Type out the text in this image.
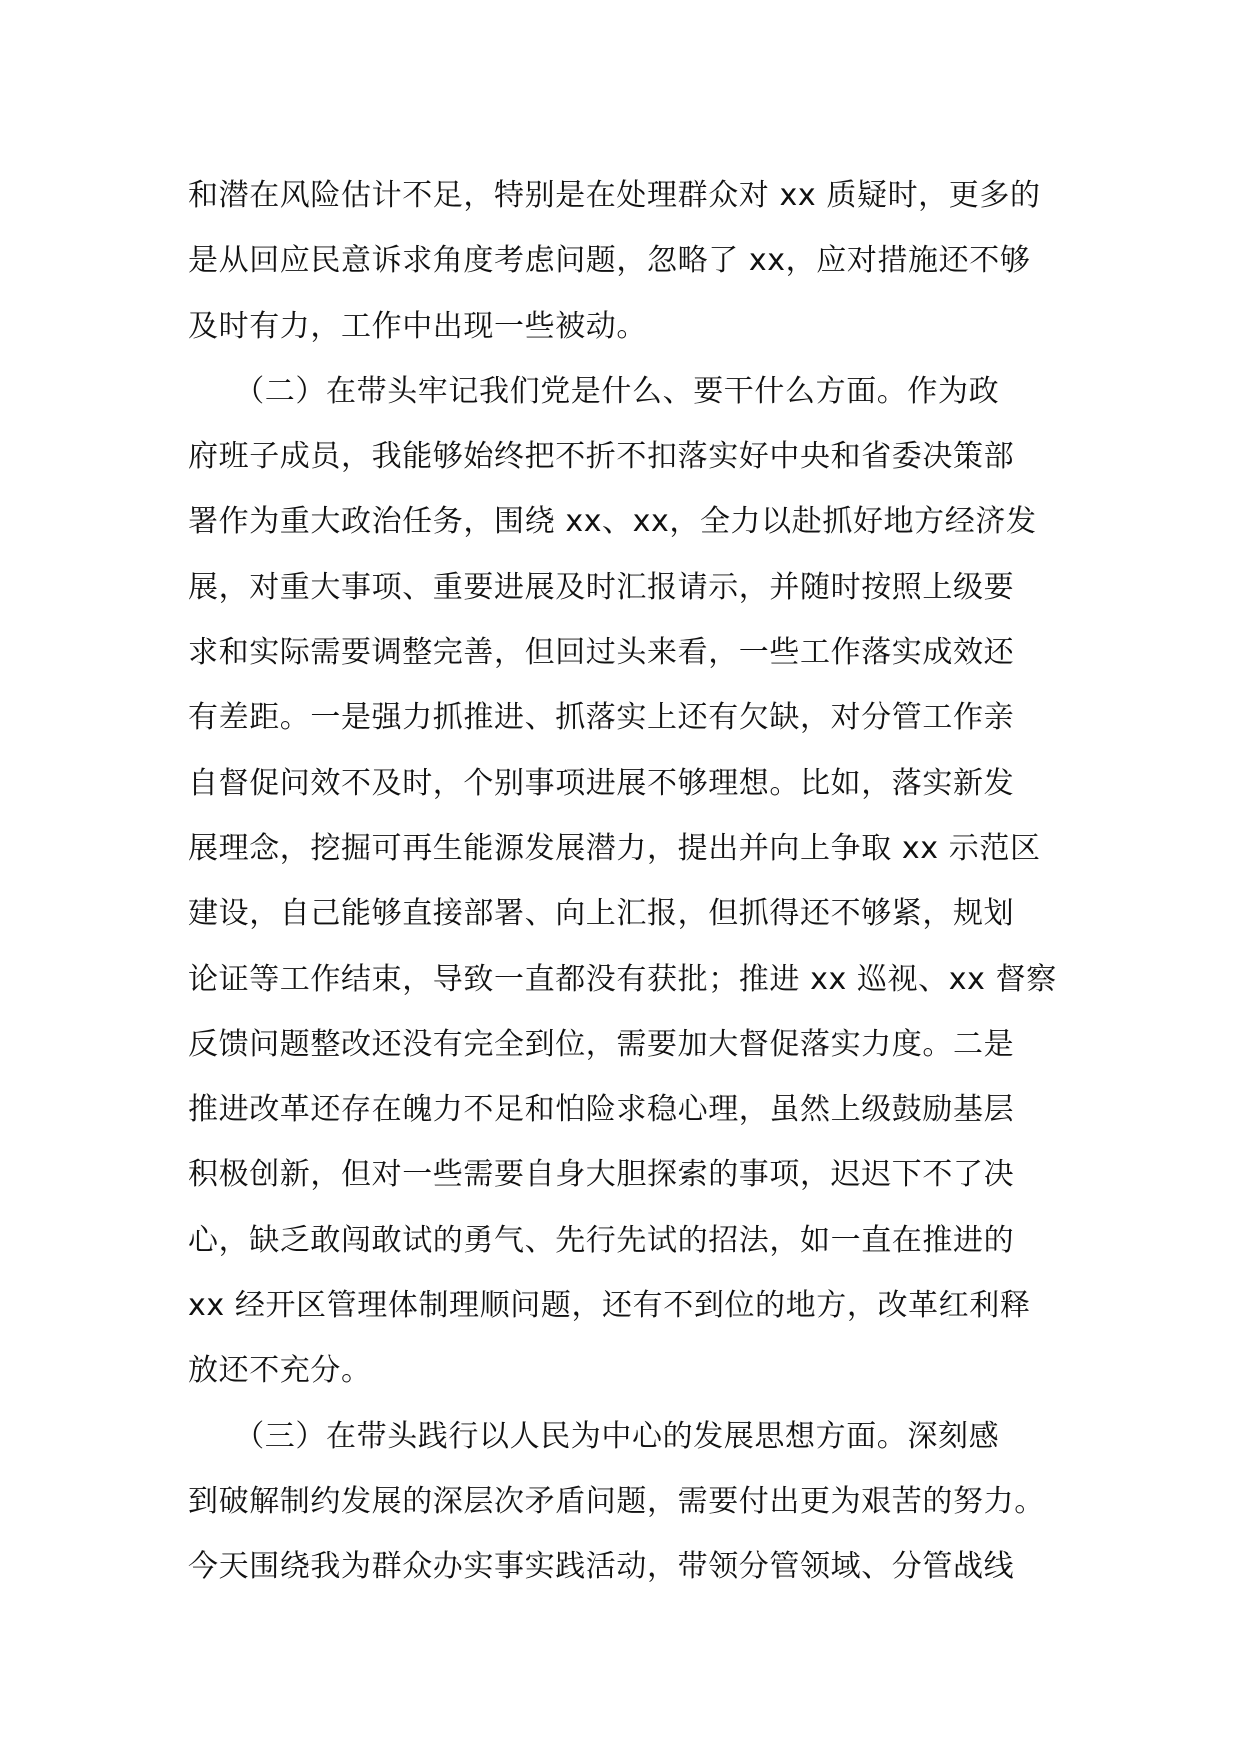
和潜在风险估计不足，特别是在处理群众对 xx 质疑时，更多的
是从回应民意诉求角度考虑问题，忽略了 xx，应对措施还不够
及时有力，工作中出现一些被动。
　　（二）在带头牢记我们党是什么、要干什么方面。作为政
府班子成员，我能够始终把不折不扣落实好中央和省委决策部
署作为重大政治任务，围绕 xx、xx，全力以赴抓好地方经济发
展，对重大事项、重要进展及时汇报请示，并随时按照上级要
求和实际需要调整完善，但回过头来看，一些工作落实成效还
有差距。一是强力抓推进、抓落实上还有欠缺，对分管工作亲
自督促问效不及时，个别事项进展不够理想。比如，落实新发
展理念，挖掘可再生能源发展潜力，提出并向上争取 xx 示范区
建设，自己能够直接部署、向上汇报，但抓得还不够紧，规划
论证等工作结束，导致一直都没有获批；推进 xx 巡视、xx 督察
反馈问题整改还没有完全到位，需要加大督促落实力度。二是
推进改革还存在魄力不足和怕险求稳心理，虽然上级鼓励基层
积极创新，但对一些需要自身大胆探索的事项，迟迟下不了决
心，缺乏敢闯敢试的勇气、先行先试的招法，如一直在推进的
xx 经开区管理体制理顺问题，还有不到位的地方，改革红利释
放还不充分。
　　（三）在带头践行以人民为中心的发展思想方面。深刻感
到破解制约发展的深层次矛盾问题，需要付出更为艰苦的努力。
今天围绕我为群众办实事实践活动，带领分管领域、分管战线
